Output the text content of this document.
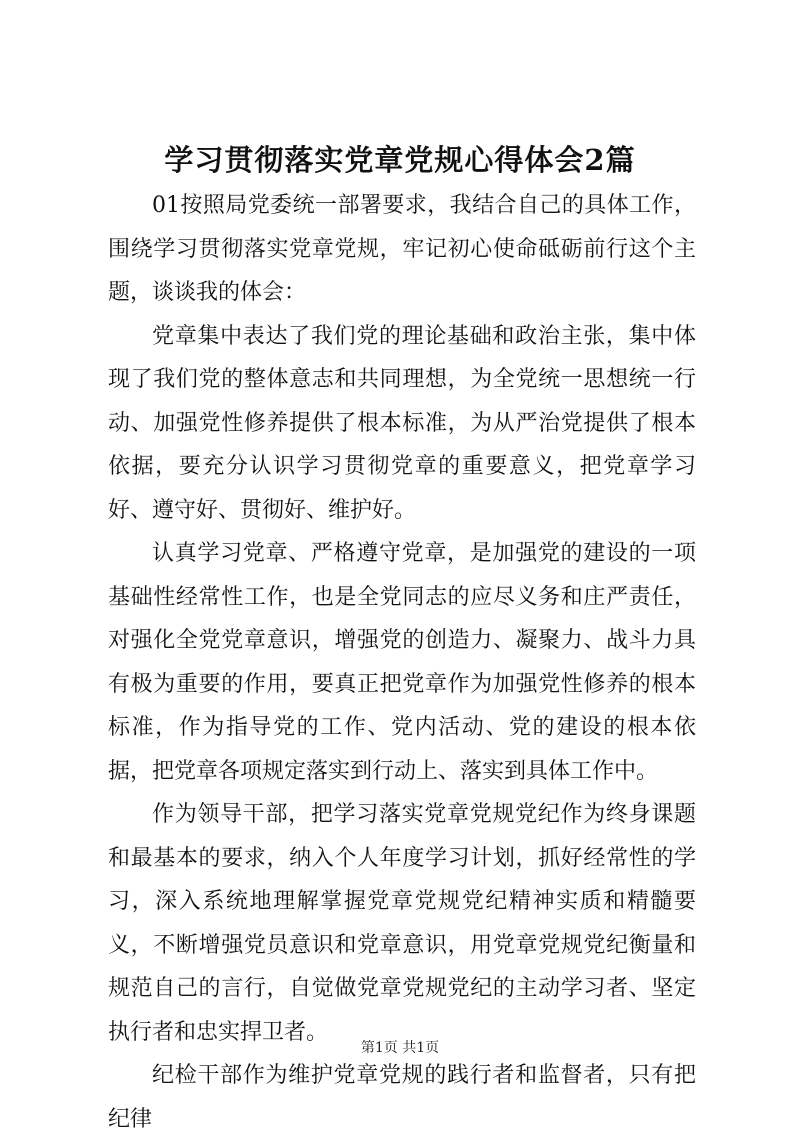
学习贯彻落实党章党规心得体会2篇

01按照局党委统一部署要求，我结合自己的具体工作，围绕学习贯彻落实党章党规，牢记初心使命砥砺前行这个主题，谈谈我的体会：

党章集中表达了我们党的理论基础和政治主张，集中体现了我们党的整体意志和共同理想，为全党统一思想统一行动、加强党性修养提供了根本标准，为从严治党提供了根本依据，要充分认识学习贯彻党章的重要意义，把党章学习好、遵守好、贯彻好、维护好。

认真学习党章、严格遵守党章，是加强党的建设的一项基础性经常性工作，也是全党同志的应尽义务和庄严责任，对强化全党党章意识，增强党的创造力、凝聚力、战斗力具有极为重要的作用，要真正把党章作为加强党性修养的根本标准，作为指导党的工作、党内活动、党的建设的根本依据，把党章各项规定落实到行动上、落实到具体工作中。

作为领导干部，把学习落实党章党规党纪作为终身课题和最基本的要求，纳入个人年度学习计划，抓好经常性的学习，深入系统地理解掌握党章党规党纪精神实质和精髓要义，不断增强党员意识和党章意识，用党章党规党纪衡量和规范自己的言行，自觉做党章党规党纪的主动学习者、坚定执行者和忠实捍卫者。

纪检干部作为维护党章党规的践行者和监督者，只有把纪律

第1页 共1页
